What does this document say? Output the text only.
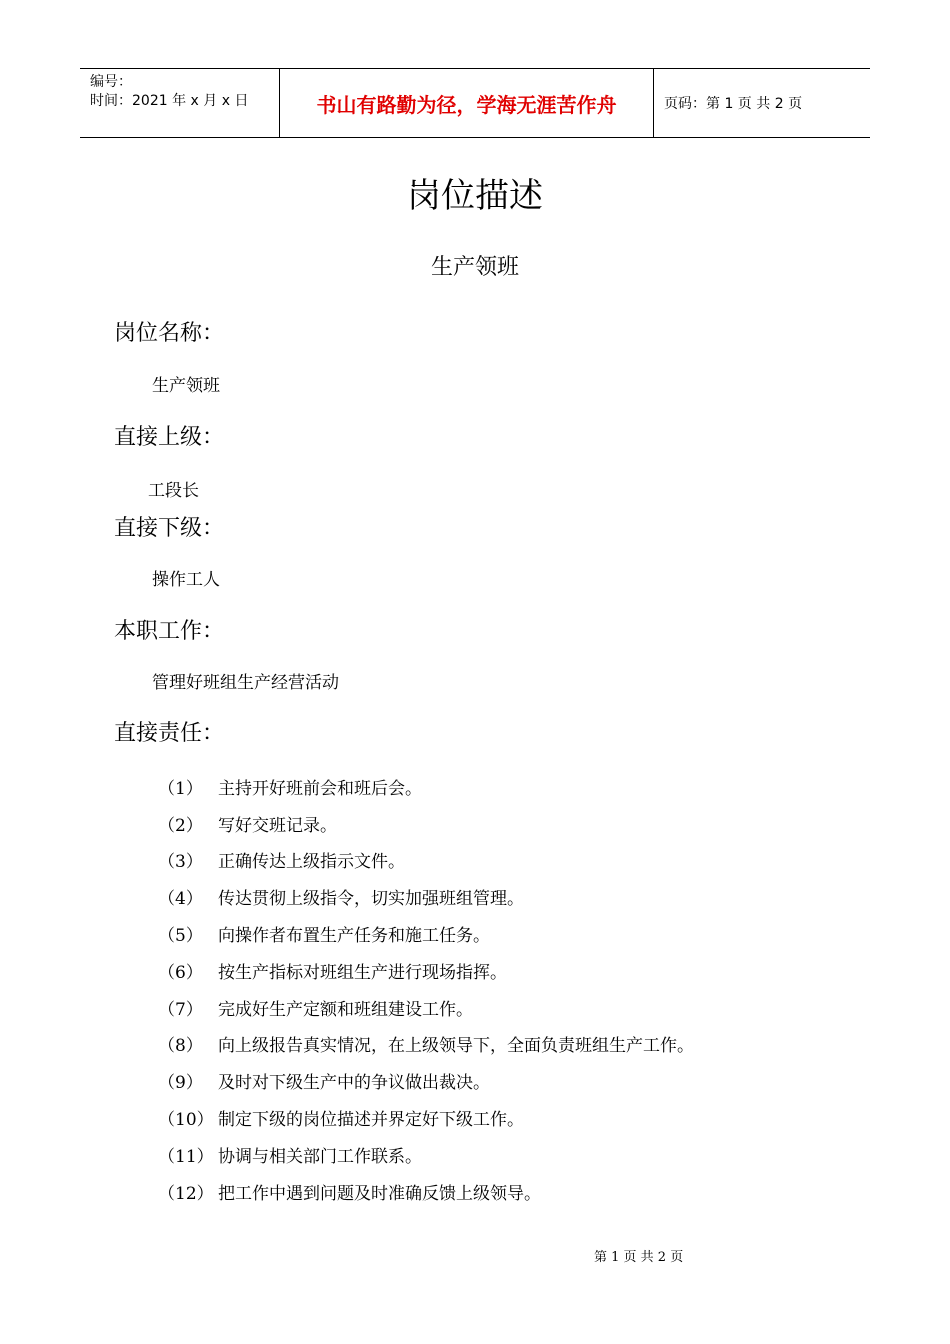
编号：
时间：2021 年 x 月 x 日	书山有路勤为径，学海无涯苦作舟	页码：第 1 页 共 2 页
岗位描述
生产领班
岗位名称：
生产领班
直接上级：
工段长
直接下级：
操作工人
本职工作：
管理好班组生产经营活动
直接责任：
（1） 主持开好班前会和班后会。
（2） 写好交班记录。
（3） 正确传达上级指示文件。
（4） 传达贯彻上级指令，切实加强班组管理。
（5） 向操作者布置生产任务和施工任务。
（6） 按生产指标对班组生产进行现场指挥。
（7） 完成好生产定额和班组建设工作。
（8） 向上级报告真实情况，在上级领导下，全面负责班组生产工作。
（9） 及时对下级生产中的争议做出裁决。
（10） 制定下级的岗位描述并界定好下级工作。
（11） 协调与相关部门工作联系。
（12） 把工作中遇到问题及时准确反馈上级领导。
第 1 页 共 2 页
